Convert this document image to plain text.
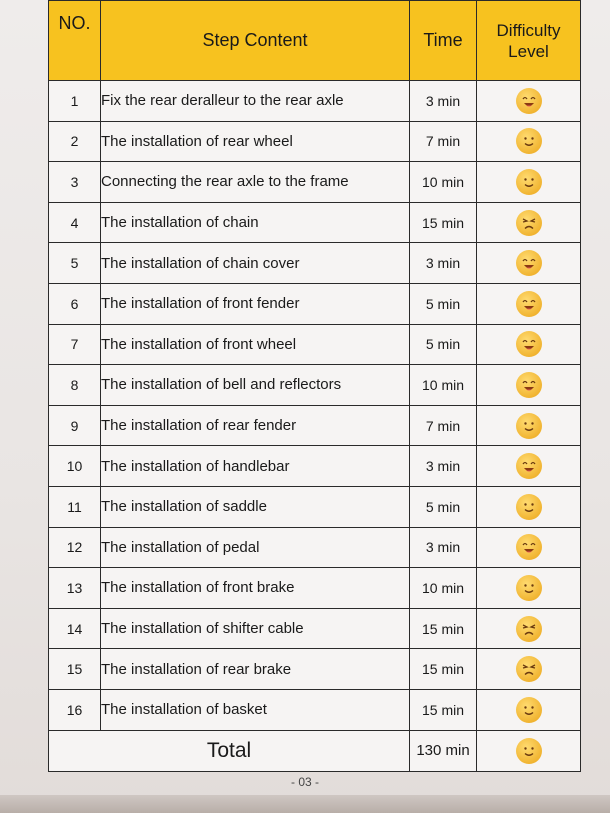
NO.	Step Content	Time	Difficulty Level
1	Fix the rear deralleur to the rear axle	3 min	

2	The installation of rear wheel	7 min	

3	Connecting the rear axle to the frame	10 min	

4	The installation of chain	15 min	

5	The installation of chain cover	3 min	

6	The installation of front fender	5 min	

7	The installation of front wheel	5 min	

8	The installation of bell and reflectors	10 min	

9	The installation of rear fender	7 min	

10	The installation of handlebar	3 min	

11	The installation of saddle	5 min	

12	The installation of pedal	3 min	

13	The installation of front brake	10 min	

14	The installation of shifter cable	15 min	

15	The installation of rear brake	15 min	

16	The installation of basket	15 min	

Total		130 min	
- 03 -
